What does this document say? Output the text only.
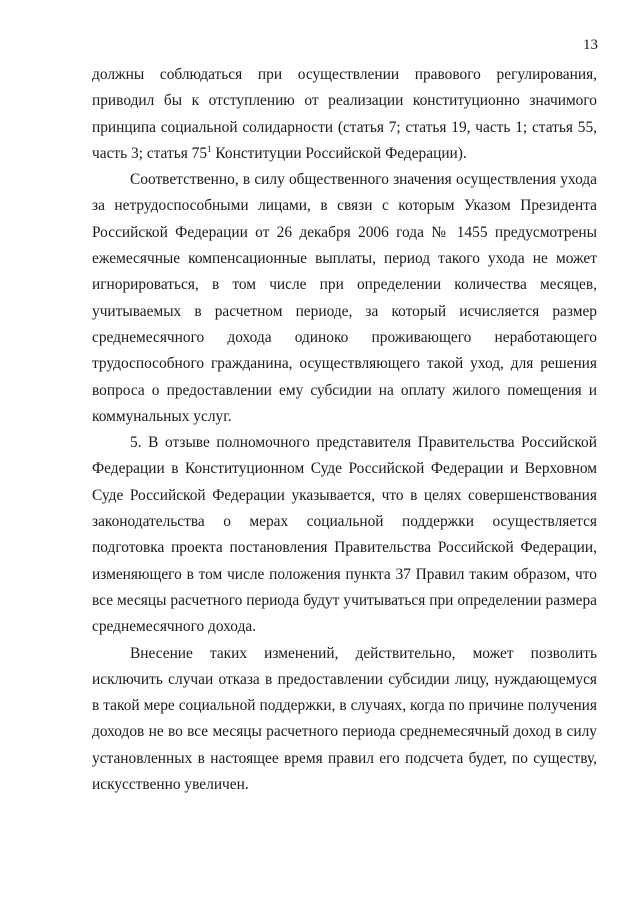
13

должны соблюдаться при осуществлении правового регулирования, приводил бы к отступлению от реализации конституционно значимого принципа социальной солидарности (статья 7; статья 19, часть 1; статья 55, часть 3; статья $75^1$ Конституции Российской Федерации).

Соответственно, в силу общественного значения осуществления ухода за нетрудоспособными лицами, в связи с которым Указом Президента Российской Федерации от 26 декабря 2006 года № 1455 предусмотрены ежемесячные компенсационные выплаты, период такого ухода не может игнорироваться, в том числе при определении количества месяцев, учитываемых в расчетном периоде, за который исчисляется размер среднемесячного дохода одиноко проживающего неработающего трудоспособного гражданина, осуществляющего такой уход, для решения вопроса о предоставлении ему субсидии на оплату жилого помещения и коммунальных услуг.

5. В отзыве полномочного представителя Правительства Российской Федерации в Конституционном Суде Российской Федерации и Верховном Суде Российской Федерации указывается, что в целях совершенствования законодательства о мерах социальной поддержки осуществляется подготовка проекта постановления Правительства Российской Федерации, изменяющего в том числе положения пункта 37 Правил таким образом, что все месяцы расчетного периода будут учитываться при определении размера среднемесячного дохода.

Внесение таких изменений, действительно, может позволить исключить случаи отказа в предоставлении субсидии лицу, нуждающемуся в такой мере социальной поддержки, в случаях, когда по причине получения доходов не во все месяцы расчетного периода среднемесячный доход в силу установленных в настоящее время правил его подсчета будет, по существу, искусственно увеличен.
